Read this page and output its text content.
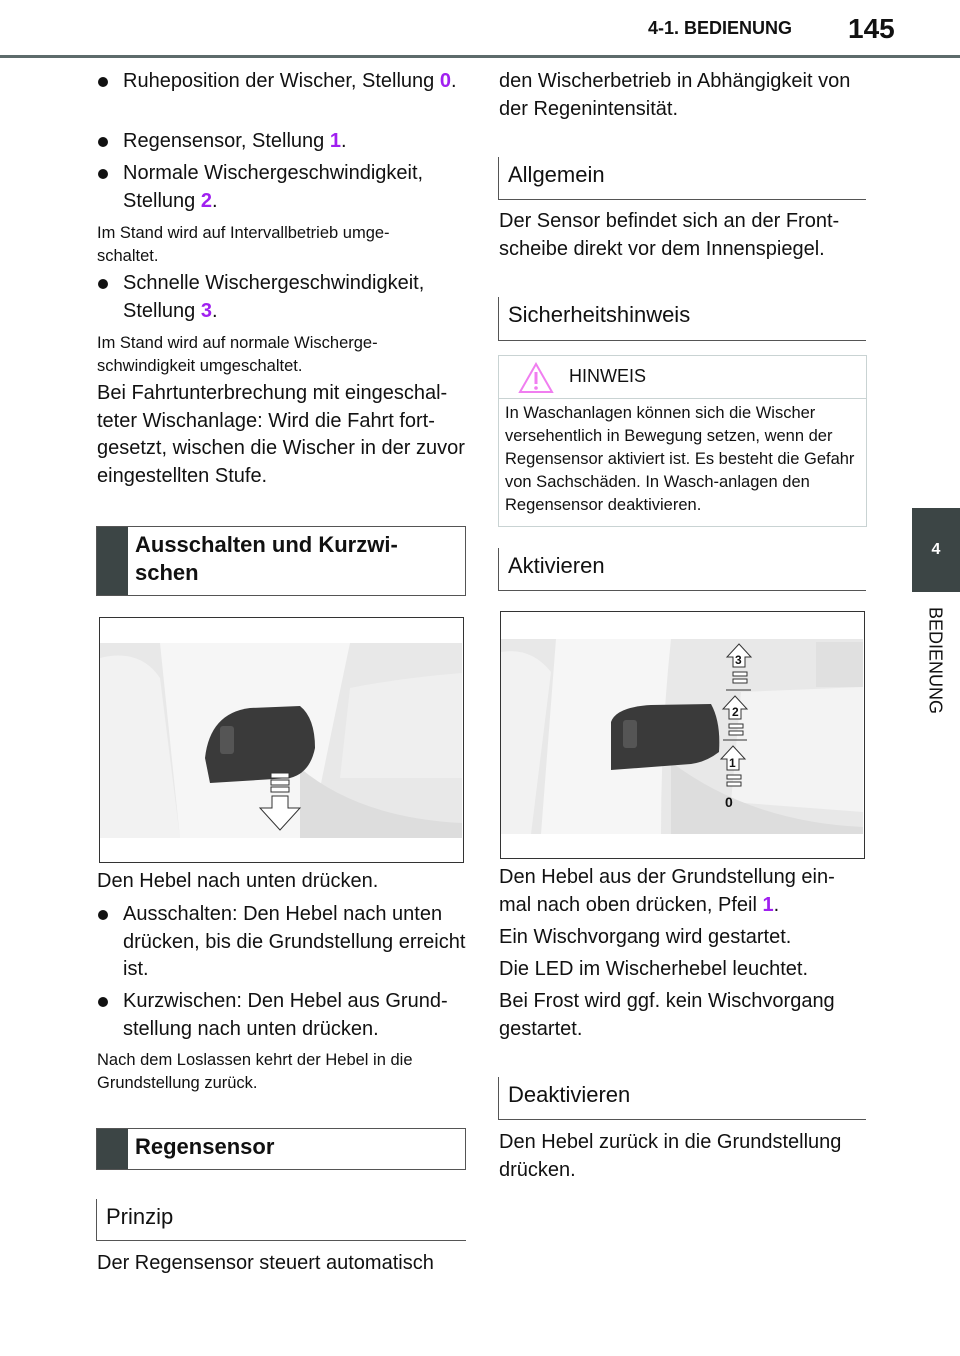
4-1. BEDIENUNG 145
Ruheposition der Wischer, Stellung 0.
Regensensor, Stellung 1.
Normale Wischergeschwindigkeit, Stellung 2.
Im Stand wird auf Intervallbetrieb umge-schaltet.
Schnelle Wischergeschwindigkeit, Stellung 3.
Im Stand wird auf normale Wischerge-schwindigkeit umgeschaltet.
Bei Fahrtunterbrechung mit eingeschal-teter Wischanlage: Wird die Fahrt fort-gesetzt, wischen die Wischer in der zuvor eingestellten Stufe.
Ausschalten und Kurzwi-schen
Den Hebel nach unten drücken.
Ausschalten: Den Hebel nach unten drücken, bis die Grundstellung erreicht ist.
Kurzwischen: Den Hebel aus Grund-stellung nach unten drücken.
Nach dem Loslassen kehrt der Hebel in die Grundstellung zurück.
Regensensor
Prinzip
Der Regensensor steuert automatisch
den Wischerbetrieb in Abhängigkeit von der Regenintensität.
Allgemein
Der Sensor befindet sich an der Front-scheibe direkt vor dem Innenspiegel.
Sicherheitshinweis
HINWEIS
In Waschanlagen können sich die Wischer versehentlich in Bewegung setzen, wenn der Regensensor aktiviert ist. Es besteht die Gefahr von Sachschäden. In Wasch-anlagen den Regensensor deaktivieren.
Aktivieren
3
2
1
0
Den Hebel aus der Grundstellung ein-mal nach oben drücken, Pfeil 1.
Ein Wischvorgang wird gestartet.
Die LED im Wischerhebel leuchtet.
Bei Frost wird ggf. kein Wischvorgang gestartet.
Deaktivieren
Den Hebel zurück in die Grundstellung drücken.
4
BEDIENUNG
